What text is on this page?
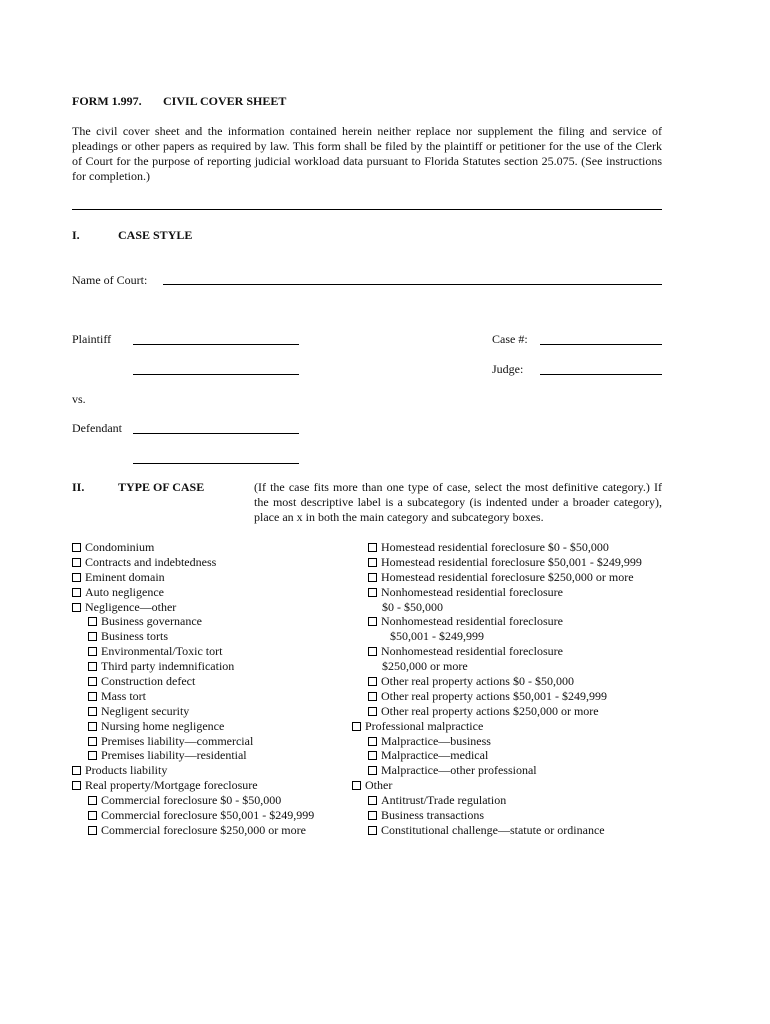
FORM 1.997. CIVIL COVER SHEET
The civil cover sheet and the information contained herein neither replace nor supplement the filing and service of pleadings or other papers as required by law. This form shall be filed by the plaintiff or petitioner for the use of the Clerk of Court for the purpose of reporting judicial workload data pursuant to Florida Statutes section 25.075. (See instructions for completion.)
I.	CASE STYLE
Name of Court:
Plaintiff	Case #:
Judge:
vs.
Defendant
II.	TYPE OF CASE	(If the case fits more than one type of case, select the most definitive category.) If the most descriptive label is a subcategory (is indented under a broader category), place an x in both the main category and subcategory boxes.
Condominium
Contracts and indebtedness
Eminent domain
Auto negligence
Negligence—other
Business governance
Business torts
Environmental/Toxic tort
Third party indemnification
Construction defect
Mass tort
Negligent security
Nursing home negligence
Premises liability—commercial
Premises liability—residential
Products liability
Real property/Mortgage foreclosure
Commercial foreclosure $0 - $50,000
Commercial foreclosure $50,001 - $249,999
Commercial foreclosure $250,000 or more
Homestead residential foreclosure $0 - $50,000
Homestead residential foreclosure $50,001 - $249,999
Homestead residential foreclosure $250,000 or more
Nonhomestead residential foreclosure
$0 - $50,000
Nonhomestead residential foreclosure
$50,001 - $249,999
Nonhomestead residential foreclosure
$250,000 or more
Other real property actions $0 - $50,000
Other real property actions $50,001 - $249,999
Other real property actions $250,000 or more
Professional malpractice
Malpractice—business
Malpractice—medical
Malpractice—other professional
Other
Antitrust/Trade regulation
Business transactions
Constitutional challenge—statute or ordinance
